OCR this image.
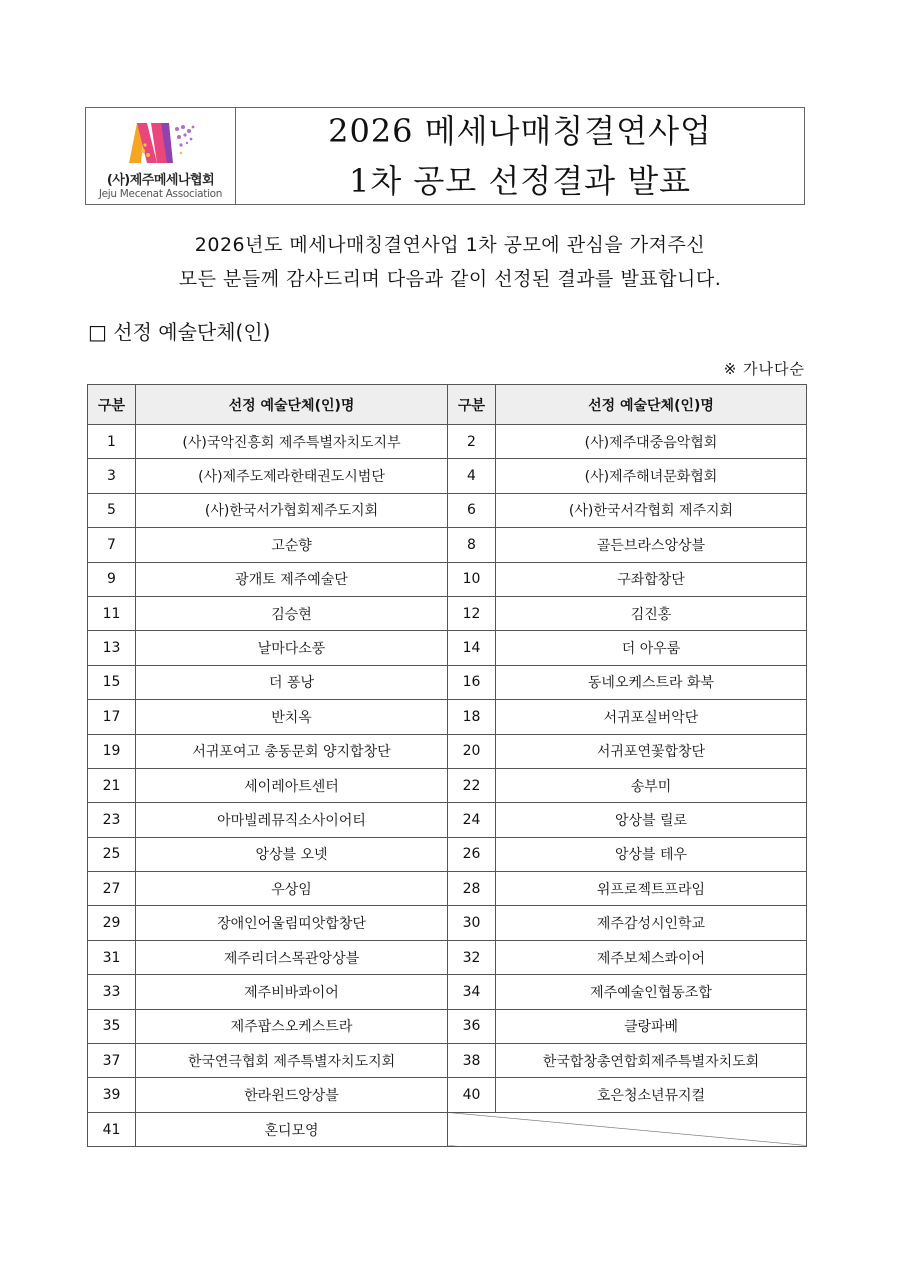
(사)제주메세나협회
Jeju Mecenat Association
2026 메세나매칭결연사업
1차 공모 선정결과 발표
2026년도 메세나매칭결연사업 1차 공모에 관심을 가져주신
모든 분들께 감사드리며 다음과 같이 선정된 결과를 발표합니다.
□ 선정 예술단체(인)
※ 가나다순
구분	선정 예술단체(인)명	구분	선정 예술단체(인)명
1	(사)국악진흥회 제주특별자치도지부	2	(사)제주대중음악협회
3	(사)제주도제라한태권도시범단	4	(사)제주해녀문화협회
5	(사)한국서가협회제주도지회	6	(사)한국서각협회 제주지회
7	고순향	8	골든브라스앙상블
9	광개토 제주예술단	10	구좌합창단
11	김승현	12	김진홍
13	날마다소풍	14	더 아우룸
15	더 퐁낭	16	동네오케스트라 화북
17	반치옥	18	서귀포실버악단
19	서귀포여고 총동문회 양지합창단	20	서귀포연꽃합창단
21	세이레아트센터	22	송부미
23	아마빌레뮤직소사이어티	24	앙상블 릴로
25	앙상블 오넷	26	앙상블 테우
27	우상임	28	위프로젝트프라임
29	장애인어울림띠앗합창단	30	제주감성시인학교
31	제주리더스목관앙상블	32	제주보체스콰이어
33	제주비바콰이어	34	제주예술인협동조합
35	제주팝스오케스트라	36	클랑파베
37	한국연극협회 제주특별자치도지회	38	한국합창총연합회제주특별자치도회
39	한라윈드앙상블	40	호은청소년뮤지컬
41	혼디모영		
